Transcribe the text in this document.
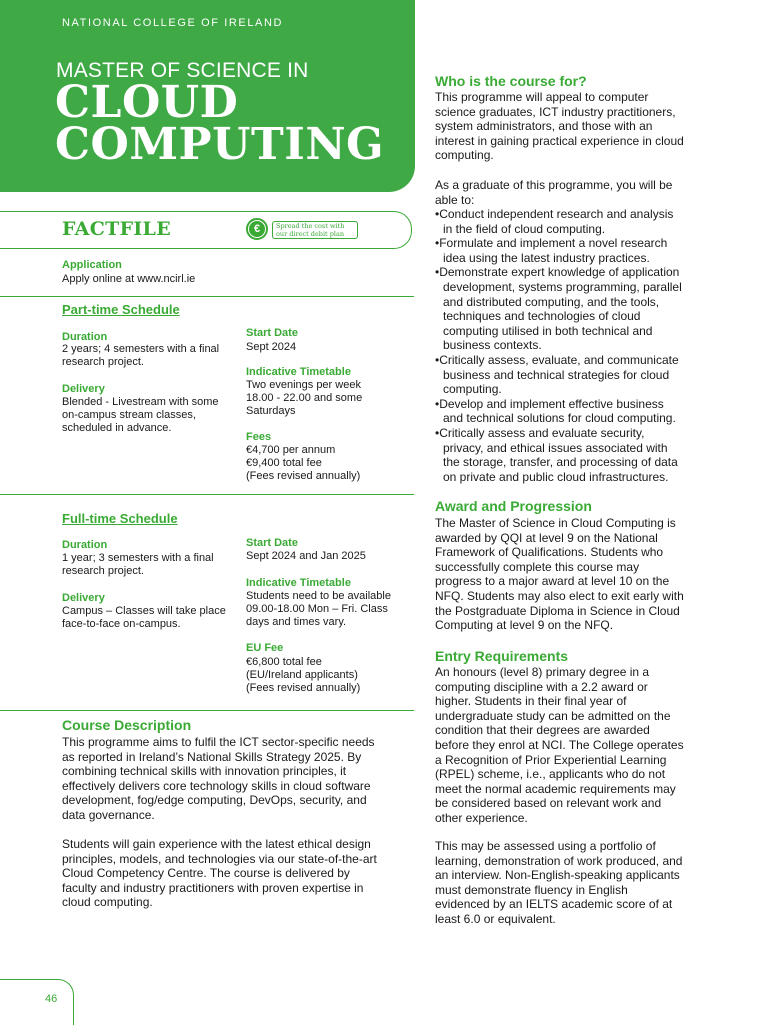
NATIONAL COLLEGE OF IRELAND
MASTER OF SCIENCE IN
CLOUD
COMPUTING
FACTFILE	€	Spread the cost with our direct debit plan
Application
Apply online at www.ncirl.ie
Part-time Schedule
Duration
2 years; 4 semesters with a final research project.
Delivery
Blended - Livestream with some on-campus stream classes, scheduled in advance.
Start Date
Sept 2024
Indicative Timetable
Two evenings per week 18.00 - 22.00 and some Saturdays
Fees
€4,700 per annum
€9,400 total fee
(Fees revised annually)
Full-time Schedule
Duration
1 year; 3 semesters with a final research project.
Delivery
Campus – Classes will take place face-to-face on-campus.
Start Date
Sept 2024 and Jan 2025
Indicative Timetable
Students need to be available 09.00-18.00 Mon – Fri. Class days and times vary.
EU Fee
€6,800 total fee
(EU/Ireland applicants)
(Fees revised annually)
Course Description
This programme aims to fulfil the ICT sector-specific needs as reported in Ireland’s National Skills Strategy 2025. By combining technical skills with innovation principles, it effectively delivers core technology skills in cloud software development, fog/edge computing, DevOps, security, and data governance.
Students will gain experience with the latest ethical design principles, models, and technologies via our state-of-the-art Cloud Competency Centre. The course is delivered by faculty and industry practitioners with proven expertise in cloud computing.
Who is the course for?
This programme will appeal to computer science graduates, ICT industry practitioners, system administrators, and those with an interest in gaining practical experience in cloud computing.
As a graduate of this programme, you will be able to:
• Conduct independent research and analysis in the field of cloud computing.
• Formulate and implement a novel research idea using the latest industry practices.
• Demonstrate expert knowledge of application development, systems programming, parallel and distributed computing, and the tools, techniques and technologies of cloud computing utilised in both technical and business contexts.
• Critically assess, evaluate, and communicate business and technical strategies for cloud computing.
• Develop and implement effective business and technical solutions for cloud computing.
• Critically assess and evaluate security, privacy, and ethical issues associated with the storage, transfer, and processing of data on private and public cloud infrastructures.
Award and Progression
The Master of Science in Cloud Computing is awarded by QQI at level 9 on the National Framework of Qualifications. Students who successfully complete this course may progress to a major award at level 10 on the NFQ. Students may also elect to exit early with the Postgraduate Diploma in Science in Cloud Computing at level 9 on the NFQ.
Entry Requirements
An honours (level 8) primary degree in a computing discipline with a 2.2 award or higher. Students in their final year of undergraduate study can be admitted on the condition that their degrees are awarded before they enrol at NCI. The College operates a Recognition of Prior Experiential Learning (RPEL) scheme, i.e., applicants who do not meet the normal academic requirements may be considered based on relevant work and other experience.
This may be assessed using a portfolio of learning, demonstration of work produced, and an interview. Non-English-speaking applicants must demonstrate fluency in English evidenced by an IELTS academic score of at least 6.0 or equivalent.
46
